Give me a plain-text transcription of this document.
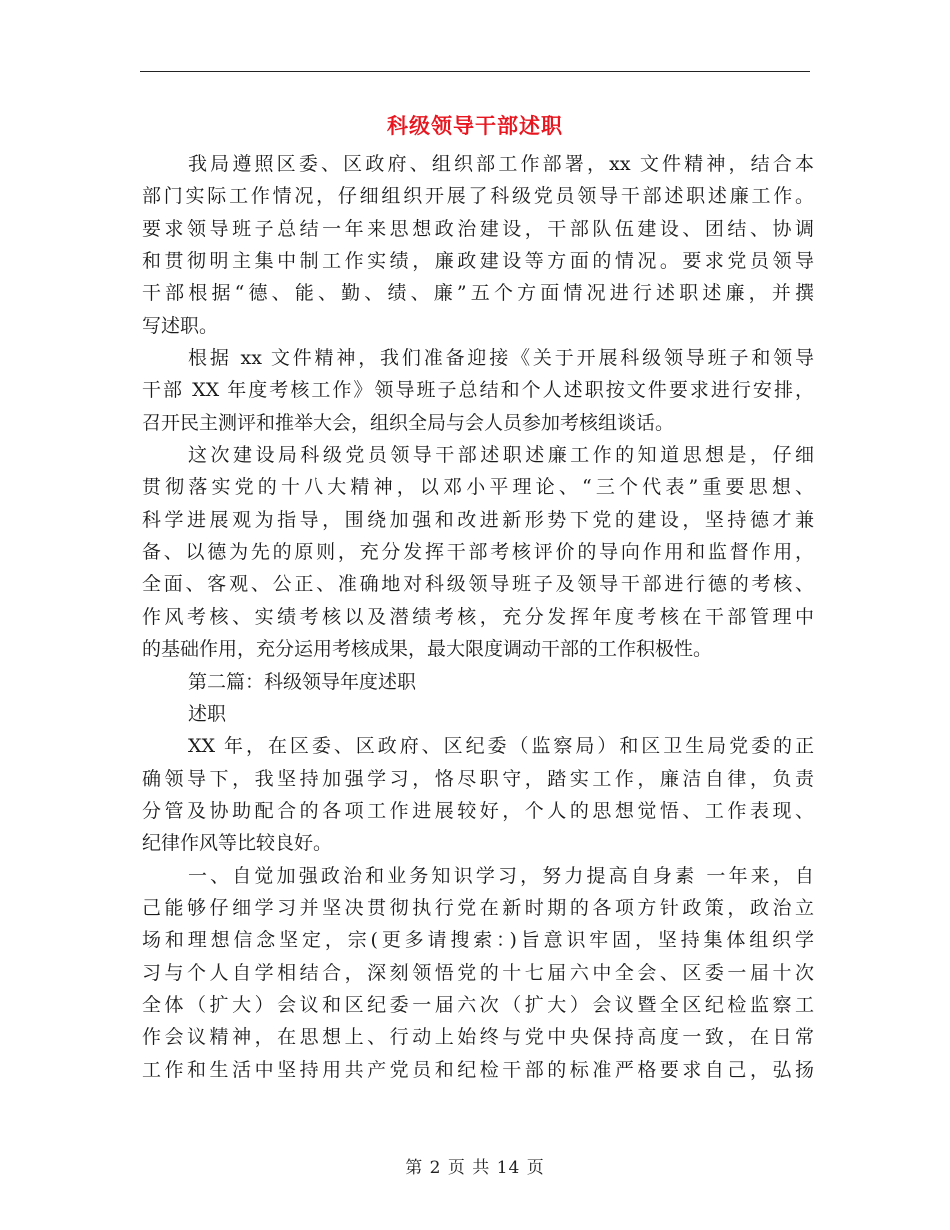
科级领导干部述职
我局遵照区委、区政府、组织部工作部署，xx 文件精神，结合本
部门实际工作情况，仔细组织开展了科级党员领导干部述职述廉工作。
要求领导班子总结一年来思想政治建设，干部队伍建设、团结、协调
和贯彻明主集中制工作实绩，廉政建设等方面的情况。要求党员领导
干部根据“德、能、勤、绩、廉”五个方面情况进行述职述廉，并撰
写述职。
根据 xx 文件精神，我们准备迎接《关于开展科级领导班子和领导
干部 XX 年度考核工作》领导班子总结和个人述职按文件要求进行安排，
召开民主测评和推举大会，组织全局与会人员参加考核组谈话。
这次建设局科级党员领导干部述职述廉工作的知道思想是，仔细
贯彻落实党的十八大精神，以邓小平理论、“三个代表”重要思想、
科学进展观为指导，围绕加强和改进新形势下党的建设，坚持德才兼
备、以德为先的原则，充分发挥干部考核评价的导向作用和监督作用，
全面、客观、公正、准确地对科级领导班子及领导干部进行德的考核、
作风考核、实绩考核以及潜绩考核，充分发挥年度考核在干部管理中
的基础作用，充分运用考核成果，最大限度调动干部的工作积极性。
第二篇：科级领导年度述职
述职
XX 年，在区委、区政府、区纪委（监察局）和区卫生局党委的正
确领导下，我坚持加强学习，恪尽职守，踏实工作，廉洁自律，负责
分管及协助配合的各项工作进展较好，个人的思想觉悟、工作表现、
纪律作风等比较良好。
一、自觉加强政治和业务知识学习，努力提高自身素 一年来，自
己能够仔细学习并坚决贯彻执行党在新时期的各项方针政策，政治立
场和理想信念坚定，宗(更多请搜索：)旨意识牢固，坚持集体组织学
习与个人自学相结合，深刻领悟党的十七届六中全会、区委一届十次
全体（扩大）会议和区纪委一届六次（扩大）会议暨全区纪检监察工
作会议精神，在思想上、行动上始终与党中央保持高度一致，在日常
工作和生活中坚持用共产党员和纪检干部的标准严格要求自己，弘扬
第 2 页 共 14 页
